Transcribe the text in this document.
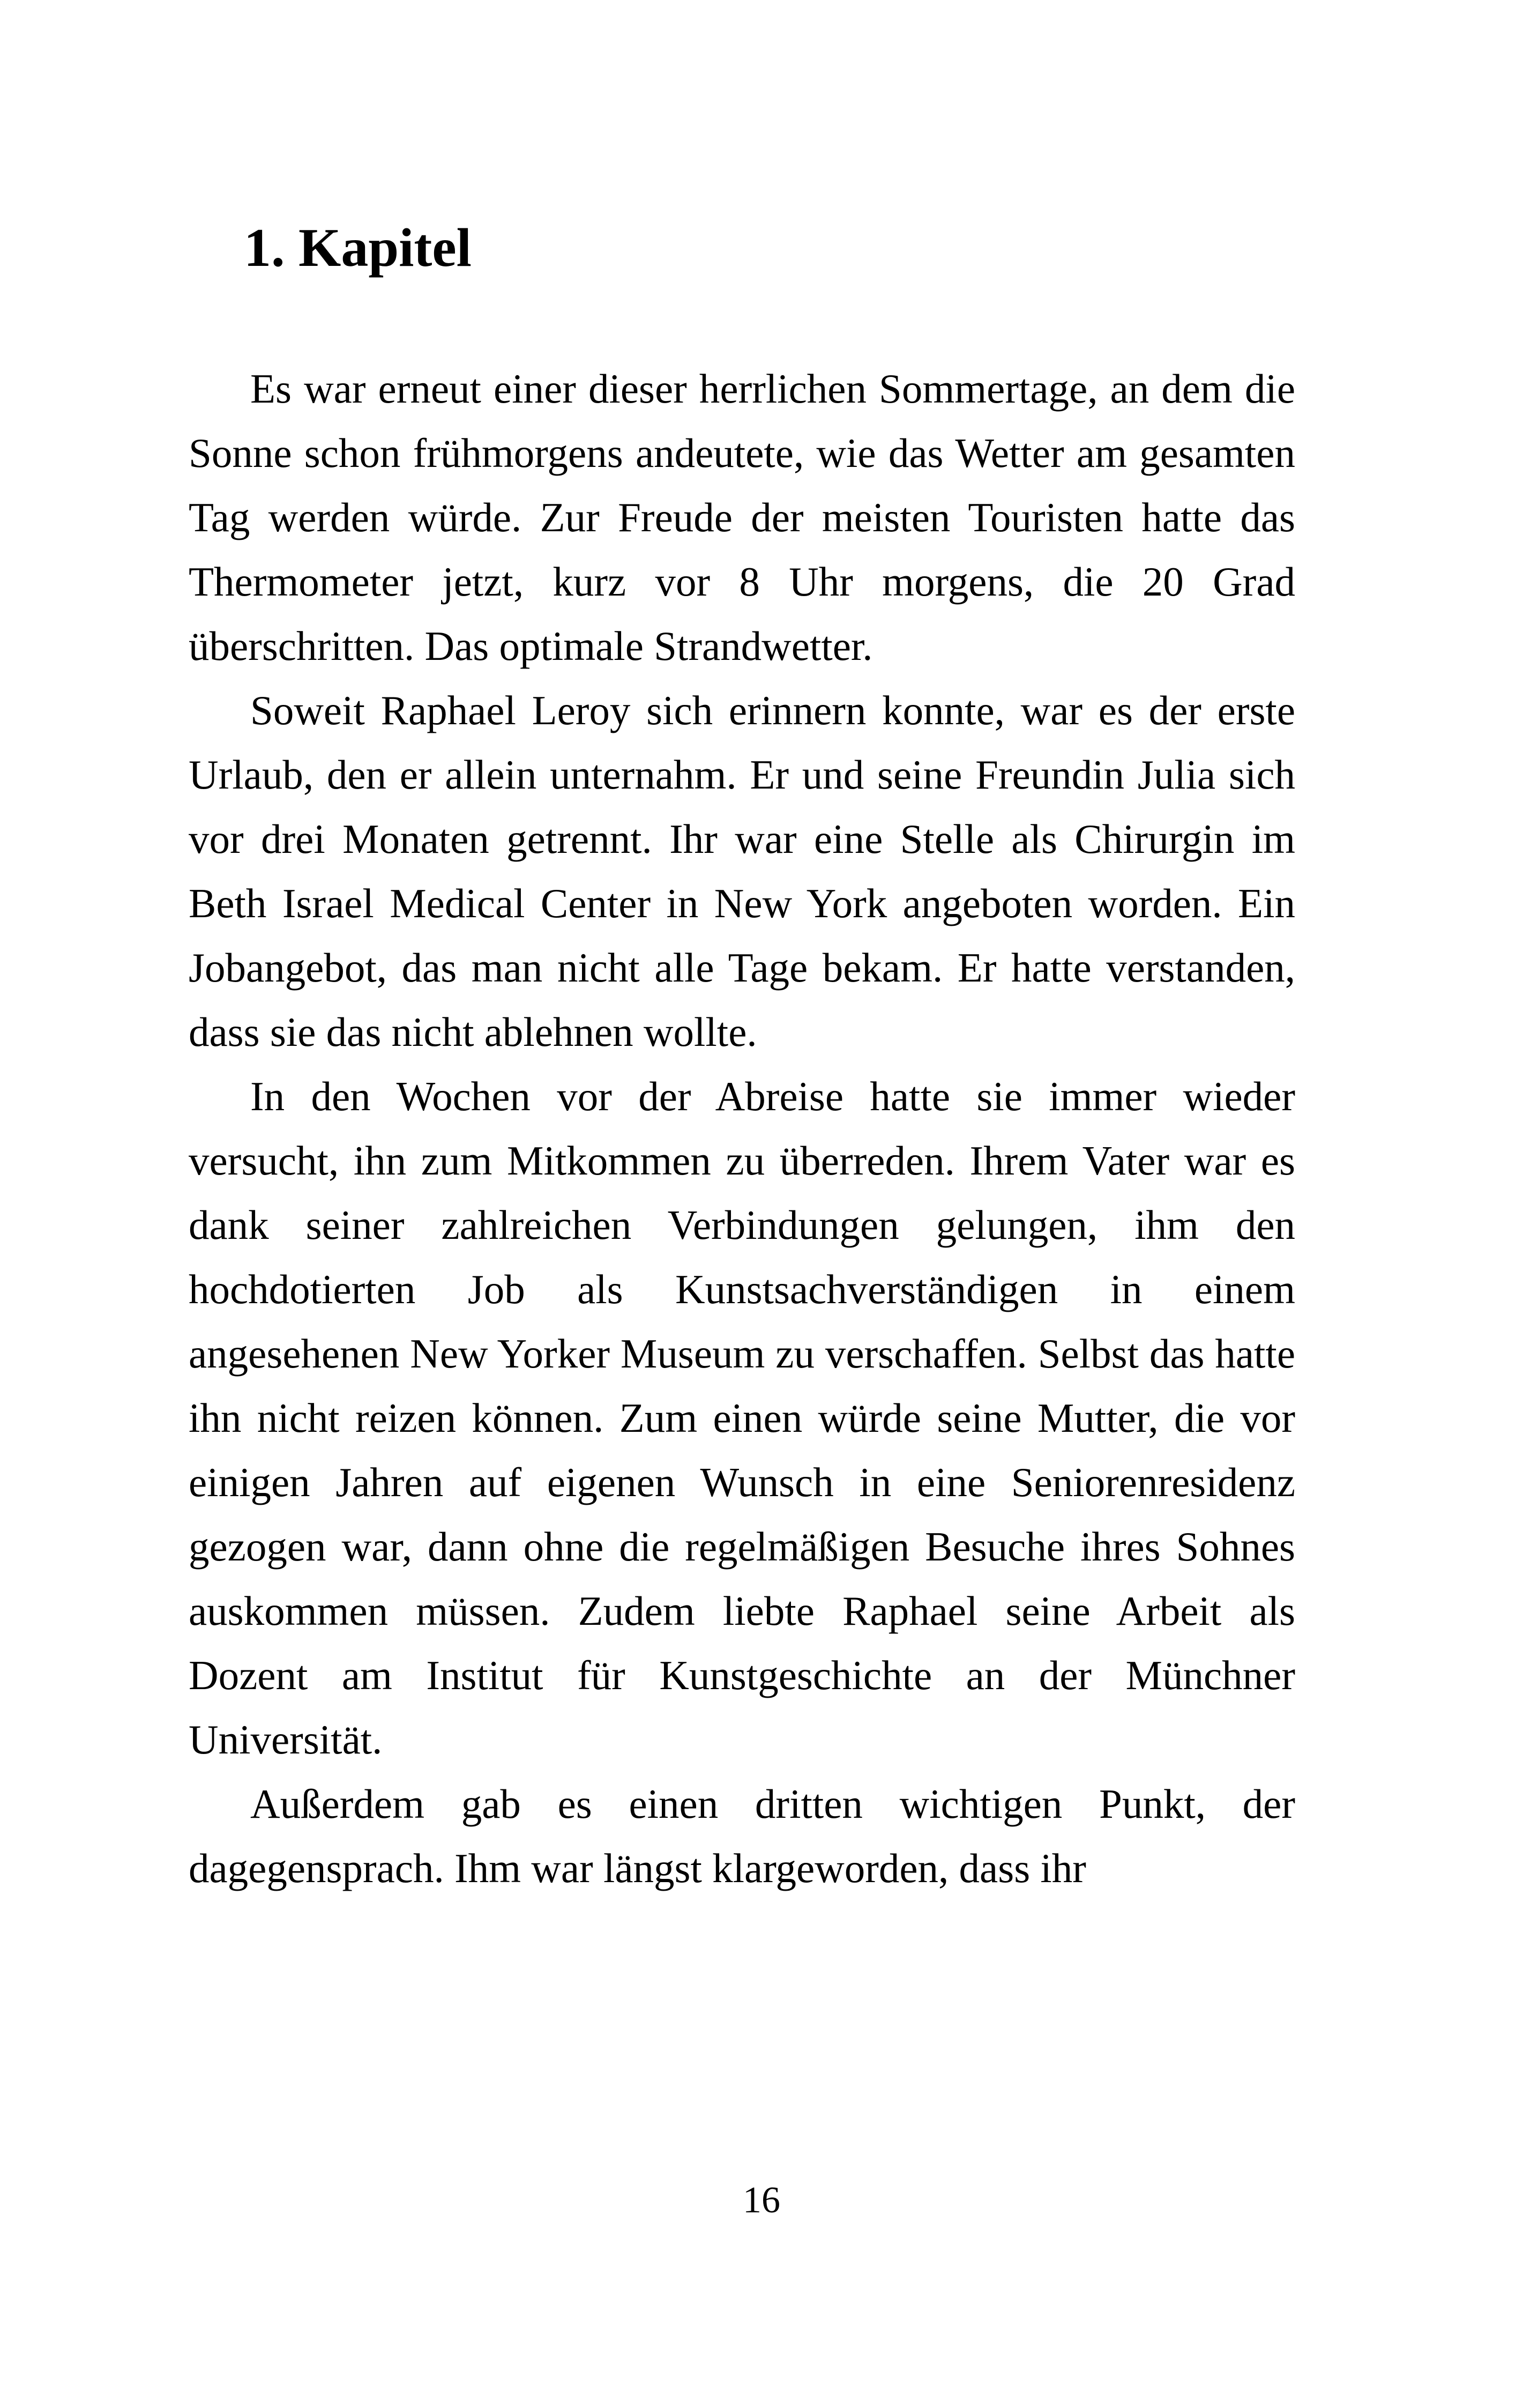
1. Kapitel

Es war erneut einer dieser herrlichen Sommertage, an dem die Sonne schon frühmorgens andeutete, wie das Wetter am gesamten Tag werden würde. Zur Freude der meisten Touristen hatte das Thermometer jetzt, kurz vor 8 Uhr morgens, die 20 Grad überschritten. Das optimale Strandwetter.

Soweit Raphael Leroy sich erinnern konnte, war es der erste Urlaub, den er allein unternahm. Er und seine Freundin Julia sich vor drei Monaten getrennt. Ihr war eine Stelle als Chirurgin im Beth Israel Medical Center in New York angeboten worden. Ein Jobangebot, das man nicht alle Tage bekam. Er hatte verstanden, dass sie das nicht ablehnen wollte.

In den Wochen vor der Abreise hatte sie immer wieder versucht, ihn zum Mitkommen zu überreden. Ihrem Vater war es dank seiner zahlreichen Verbindungen gelungen, ihm den hochdotierten Job als Kunstsachverständigen in einem angesehenen New Yorker Museum zu verschaffen. Selbst das hatte ihn nicht reizen können. Zum einen würde seine Mutter, die vor einigen Jahren auf eigenen Wunsch in eine Seniorenresidenz gezogen war, dann ohne die regelmäßigen Besuche ihres Sohnes auskommen müssen. Zudem liebte Raphael seine Arbeit als Dozent am Institut für Kunstgeschichte an der Münchner Universität.

Außerdem gab es einen dritten wichtigen Punkt, der dagegensprach. Ihm war längst klargeworden, dass ihr

16
